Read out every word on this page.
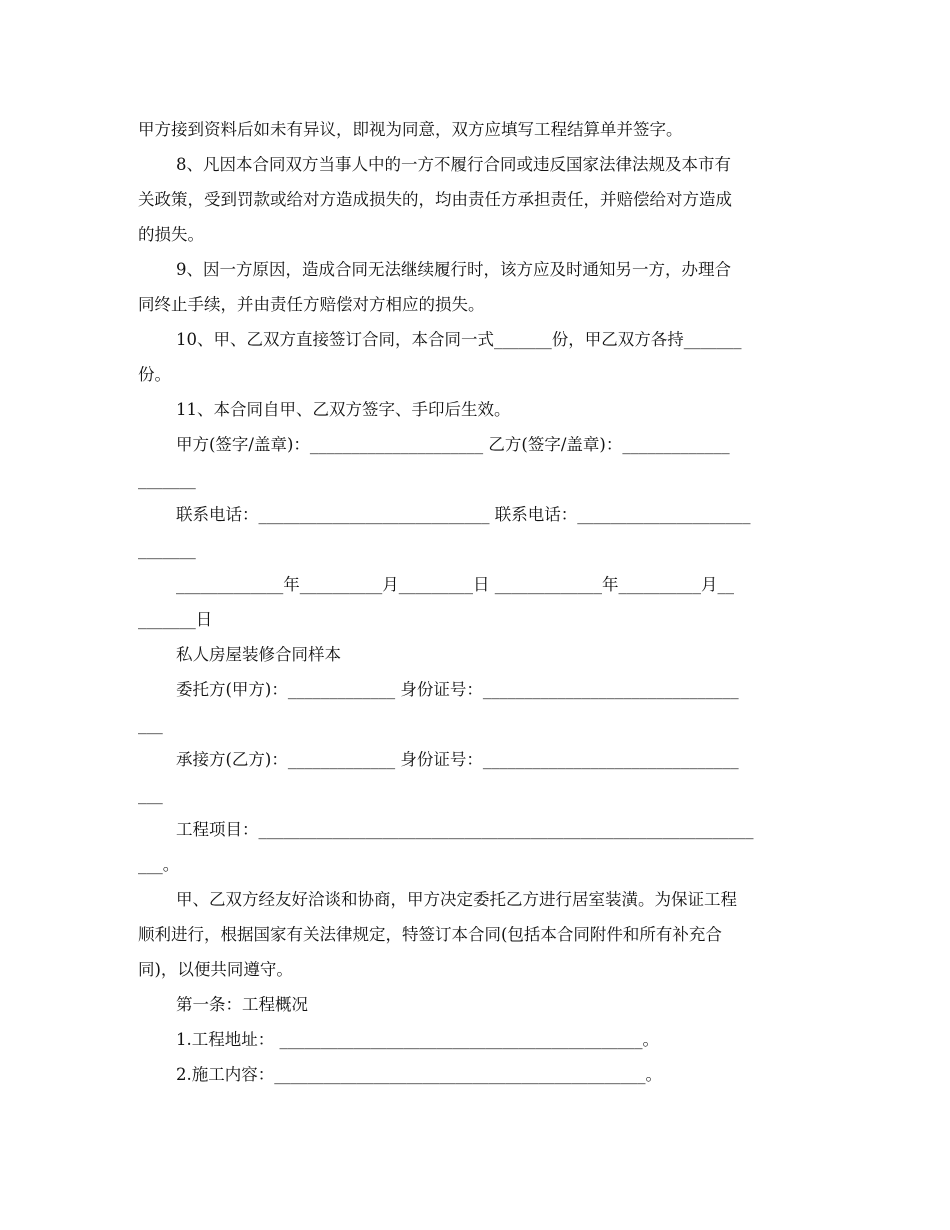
甲方接到资料后如未有异议，即视为同意，双方应填写工程结算单并签字。
8、凡因本合同双方当事人中的一方不履行合同或违反国家法律法规及本市有
关政策，受到罚款或给对方造成损失的，均由责任方承担责任，并赔偿给对方造成
的损失。
9、因一方原因，造成合同无法继续履行时，该方应及时通知另一方，办理合
同终止手续，并由责任方赔偿对方相应的损失。
10、甲、乙双方直接签订合同，本合同一式_______份，甲乙双方各持_______
份。
11、本合同自甲、乙双方签字、手印后生效。
甲方(签字/盖章)：_____________________ 乙方(签字/盖章)：_____________
_______
联系电话：____________________________ 联系电话：_____________________
_______
_____________年__________月_________日 _____________年__________月__
_______日
私人房屋装修合同样本
委托方(甲方)：_____________ 身份证号：_______________________________
___
承接方(乙方)：_____________ 身份证号：_______________________________
___
工程项目：____________________________________________________________
___。
甲、乙双方经友好洽谈和协商，甲方决定委托乙方进行居室装潢。为保证工程
顺利进行，根据国家有关法律规定，特签订本合同(包括本合同附件和所有补充合
同)，以便共同遵守。
第一条：工程概况
1.工程地址： ____________________________________________。
2.施工内容：_____________________________________________。
